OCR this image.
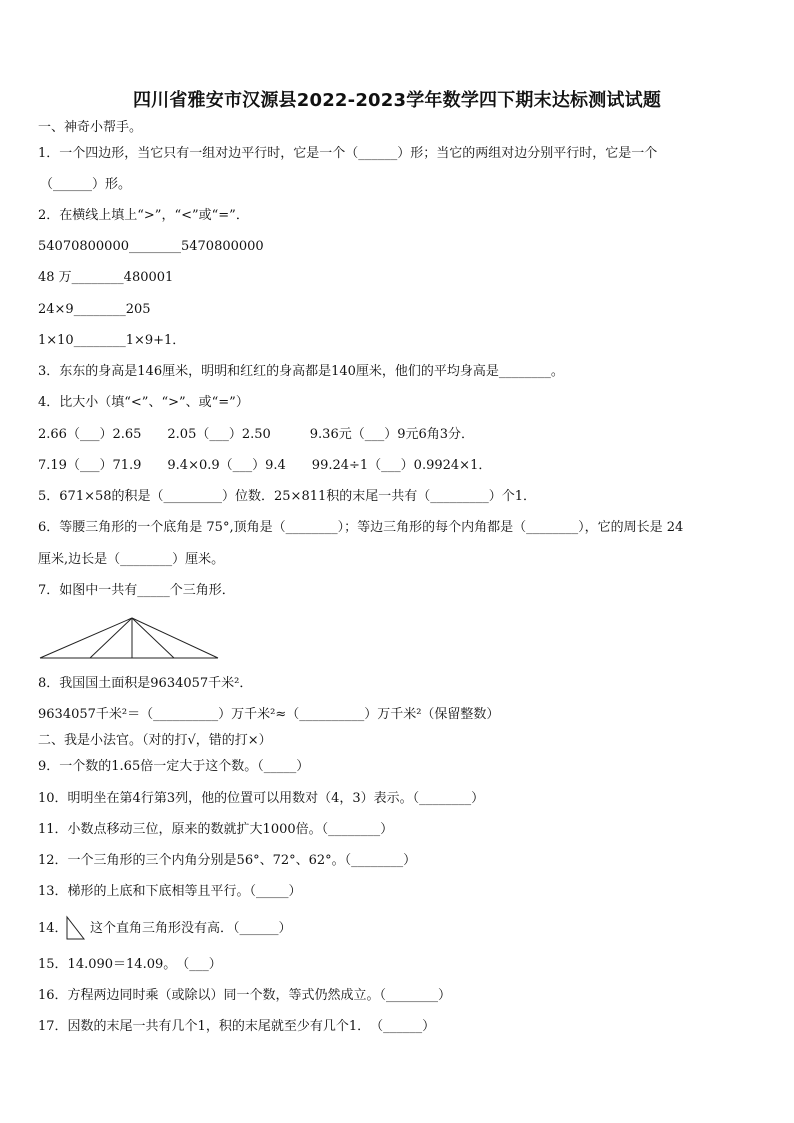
四川省雅安市汉源县2022-2023学年数学四下期末达标测试试题
一、神奇小帮手。
1．一个四边形，当它只有一组对边平行时，它是一个（______）形；当它的两组对边分别平行时，它是一个
（______）形。
2．在横线上填上“>”，“<”或“=”．
54070800000________5470800000
48 万________480001
24×9________205
1×10________1×9+1．
3．东东的身高是146厘米，明明和红红的身高都是140厘米，他们的平均身高是________。
4．比大小（填“<”、“>”、或“=”）
2.66（___）2.65　　2.05（___）2.50　　　9.36元（___）9元6角3分．
7.19（___）71.9　　9.4×0.9（___）9.4　　99.24÷1（___）0.9924×1．
5．671×58的积是（_________）位数．25×811积的末尾一共有（_________）个1．
6．等腰三角形的一个底角是 75°,顶角是（________）；等边三角形的每个内角都是（________），它的周长是 24
厘米,边长是（________）厘米。
7．如图中一共有_____个三角形．
8．我国国土面积是9634057千米²．
9634057千米²＝（__________）万千米²≈（__________）万千米²（保留整数）
二、我是小法官。（对的打√，错的打×）
9．一个数的1.65倍一定大于这个数。（_____）
10．明明坐在第4行第3列，他的位置可以用数对（4，3）表示。（________）
11．小数点移动三位，原来的数就扩大1000倍。（________）
12．一个三角形的三个内角分别是56°、72°、62°。（________）
13．梯形的上底和下底相等且平行。（_____）
14． 这个直角三角形没有高．（______）
15．14.090＝14.09。　（___）
16．方程两边同时乘（或除以）同一个数，等式仍然成立。（________）
17．因数的末尾一共有几个1，积的末尾就至少有几个1．　（______）
